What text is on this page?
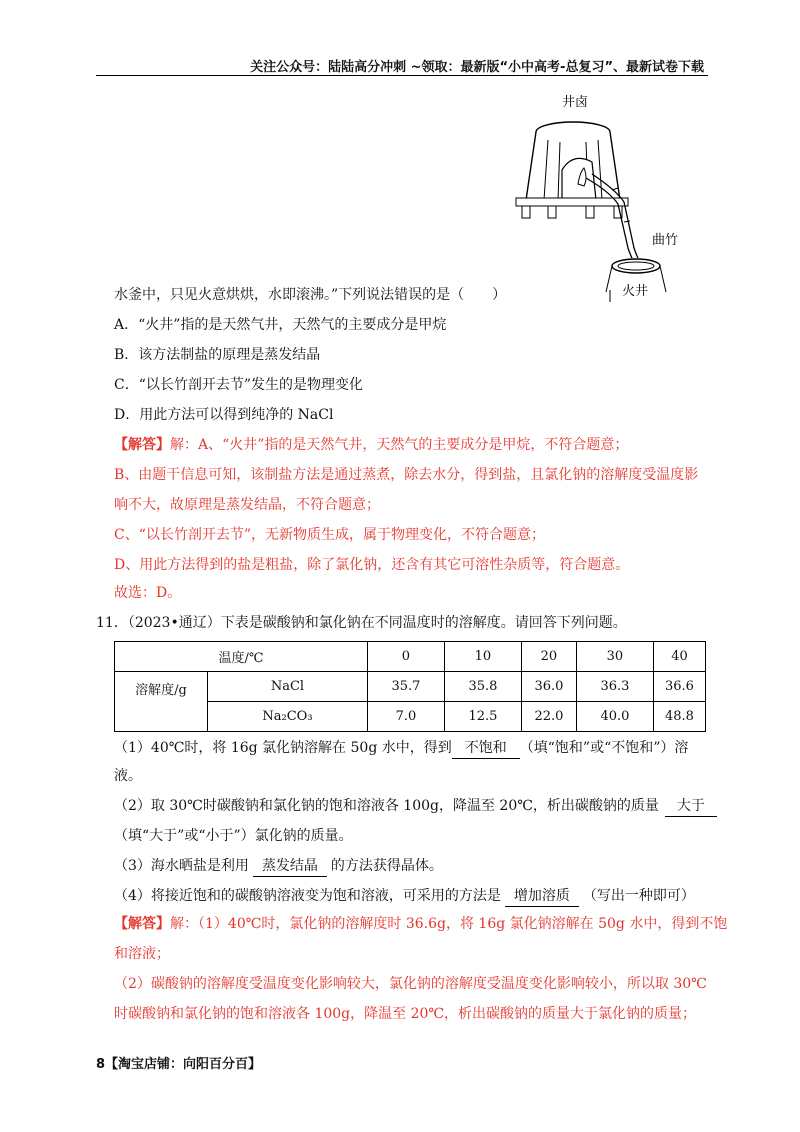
关注公众号：陆陆高分冲刺 ~领取：最新版“小中高考-总复习”、最新试卷下载
井卤
曲竹
火井
水釜中，只见火意烘烘，水即滚沸。”下列说法错误的是（　　）
A．“火井”指的是天然气井，天然气的主要成分是甲烷
B．该方法制盐的原理是蒸发结晶
C．“以长竹剖开去节”发生的是物理变化
D．用此方法可以得到纯净的 NaCl
【解答】解：A、“火井”指的是天然气井，天然气的主要成分是甲烷，不符合题意；
B、由题干信息可知，该制盐方法是通过蒸煮，除去水分，得到盐，且氯化钠的溶解度受温度影
响不大，故原理是蒸发结晶，不符合题意；
C、“以长竹剖开去节”，无新物质生成，属于物理变化，不符合题意；
D、用此方法得到的盐是粗盐，除了氯化钠，还含有其它可溶性杂质等，符合题意。
故选：D。
11．（2023•通辽）下表是碳酸钠和氯化钠在不同温度时的溶解度。请回答下列问题。
温度/℃		0	10	20	30	40
溶解度/g	NaCl	35.7	35.8	36.0	36.3	36.6
	Na₂CO₃	7.0	12.5	22.0	40.0	48.8
（1）40℃时，将 16g 氯化钠溶解在 50g 水中，得到 不饱和 （填“饱和”或“不饱和”）溶
液。
（2）取 30℃时碳酸钠和氯化钠的饱和溶液各 100g，降温至 20℃，析出碳酸钠的质量 大于
（填“大于”或“小于”）氯化钠的质量。
（3）海水晒盐是利用 蒸发结晶 的方法获得晶体。
（4）将接近饱和的碳酸钠溶液变为饱和溶液，可采用的方法是 增加溶质 （写出一种即可）
【解答】解：（1）40℃时，氯化钠的溶解度时 36.6g，将 16g 氯化钠溶解在 50g 水中，得到不饱
和溶液；
（2）碳酸钠的溶解度受温度变化影响较大，氯化钠的溶解度受温度变化影响较小，所以取 30℃
时碳酸钠和氯化钠的饱和溶液各 100g，降温至 20℃，析出碳酸钠的质量大于氯化钠的质量；
8【淘宝店铺：向阳百分百】
